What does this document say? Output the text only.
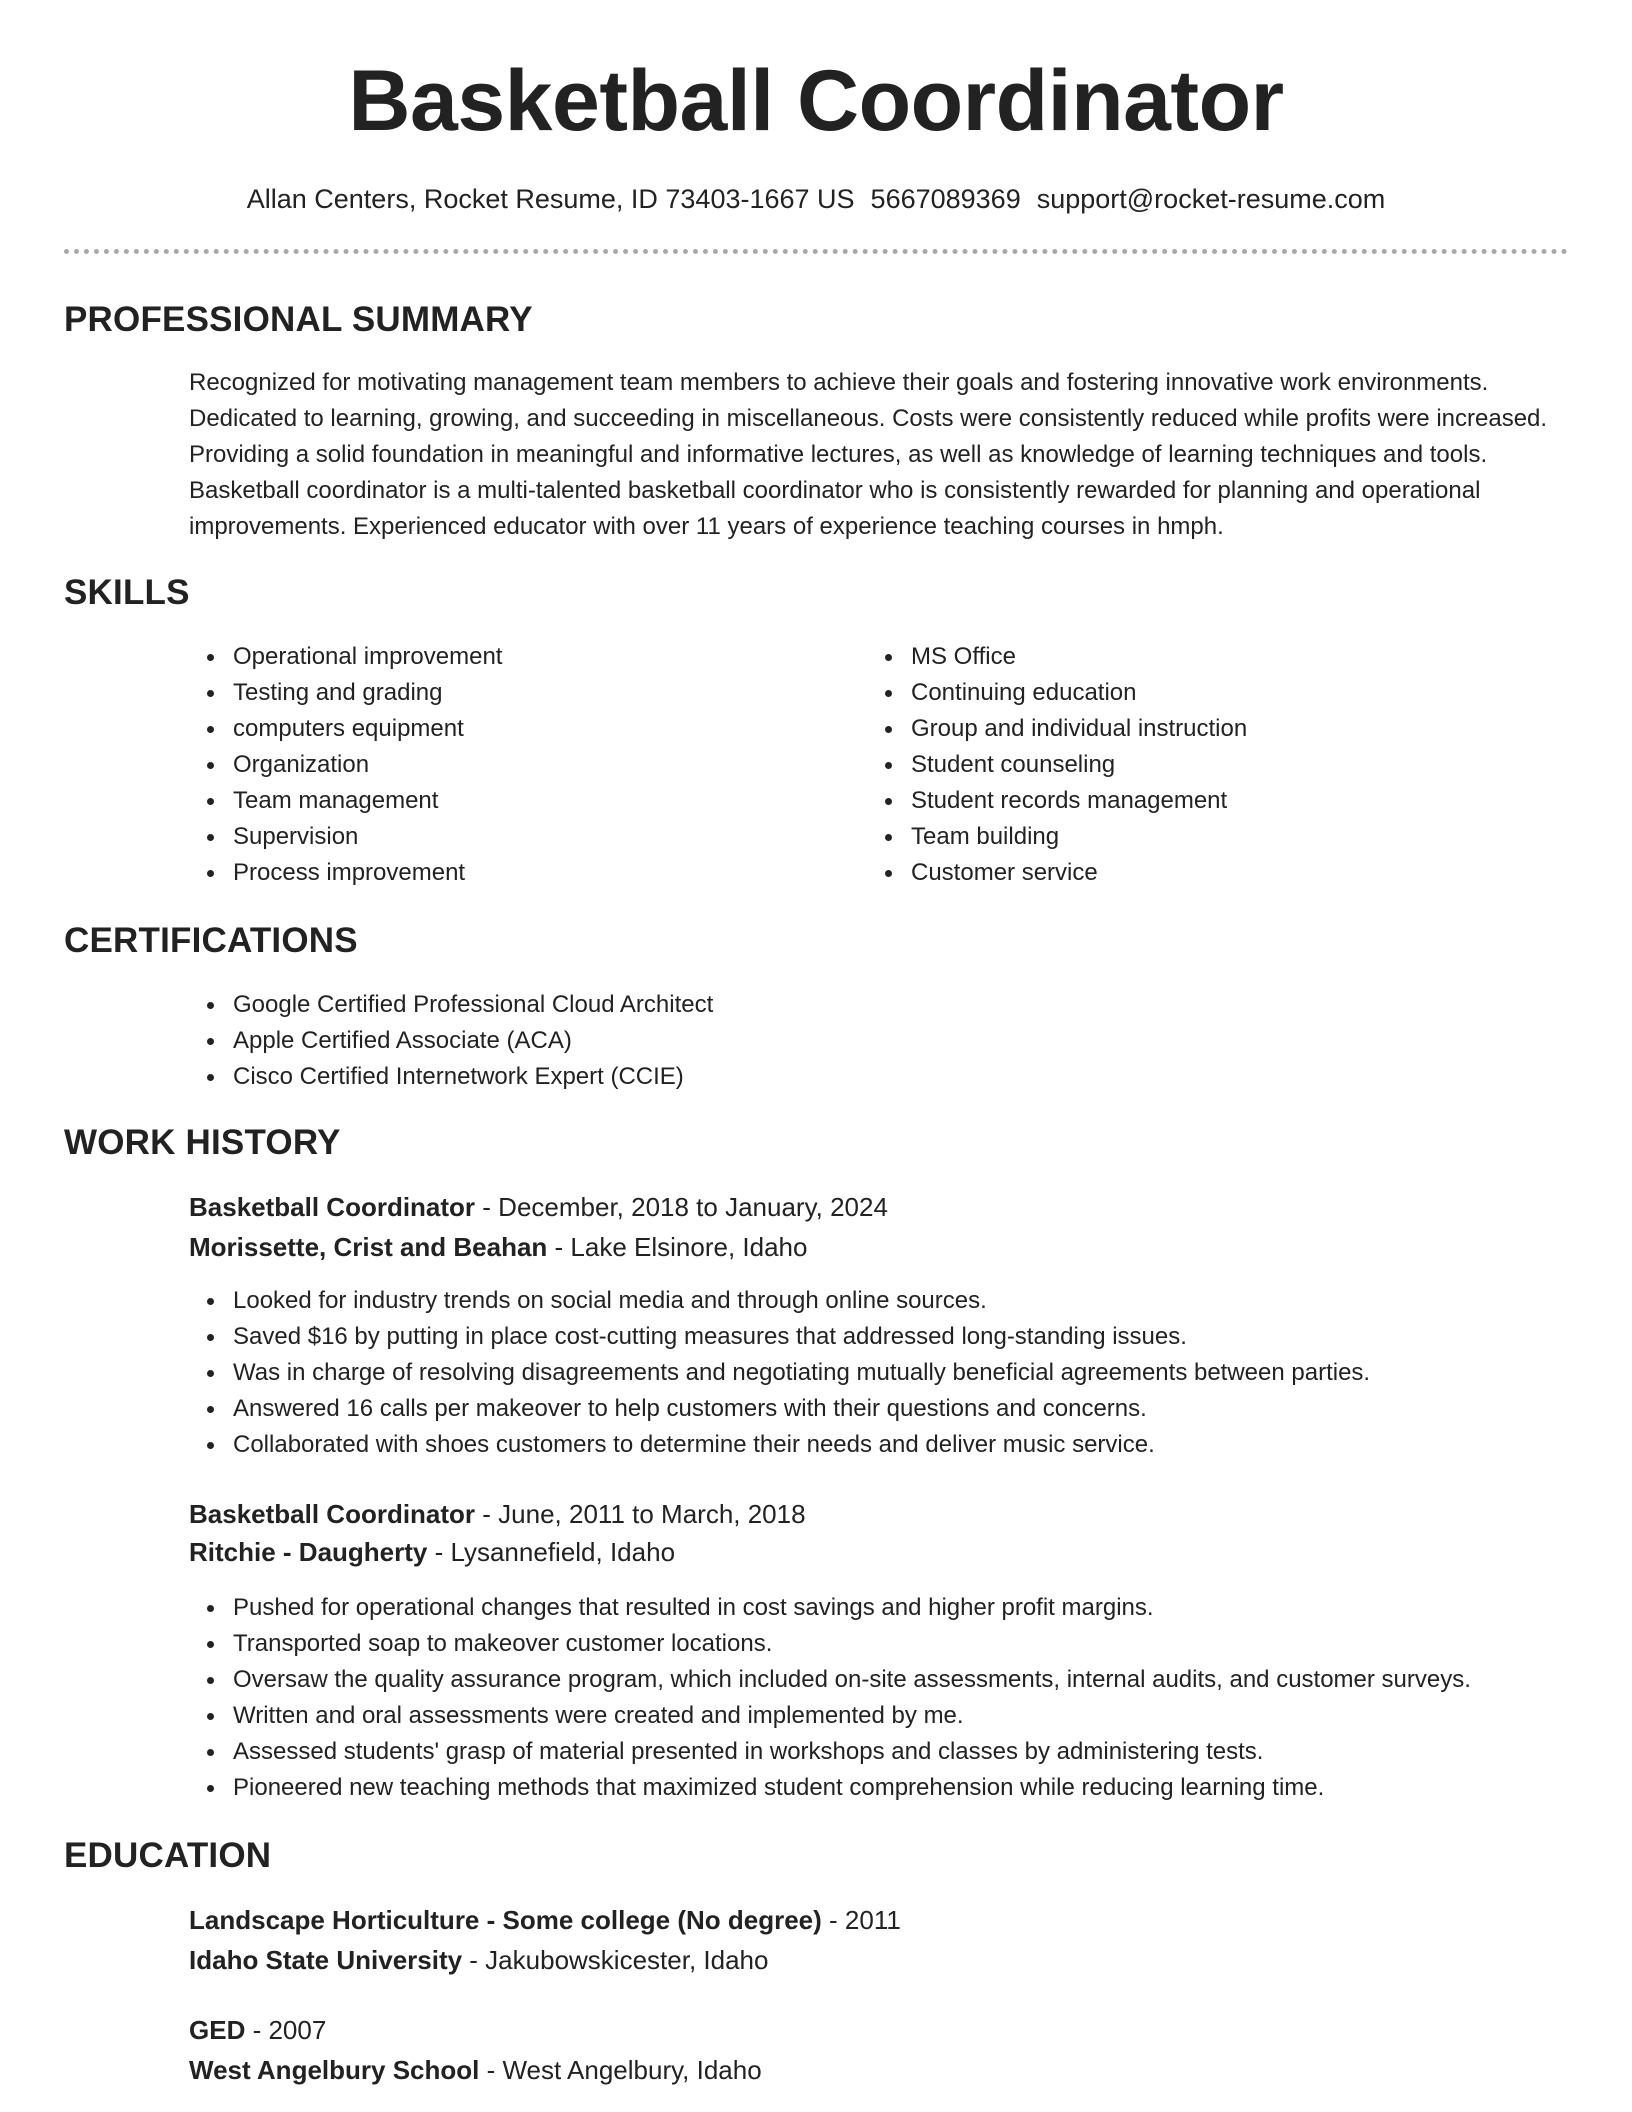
Basketball Coordinator
Allan Centers, Rocket Resume, ID 73403-1667 US 5667089369 support@rocket-resume.com
PROFESSIONAL SUMMARY
Recognized for motivating management team members to achieve their goals and fostering innovative work environments. Dedicated to learning, growing, and succeeding in miscellaneous. Costs were consistently reduced while profits were increased. Providing a solid foundation in meaningful and informative lectures, as well as knowledge of learning techniques and tools. Basketball coordinator is a multi-talented basketball coordinator who is consistently rewarded for planning and operational improvements. Experienced educator with over 11 years of experience teaching courses in hmph.
SKILLS
Operational improvement
Testing and grading
computers equipment
Organization
Team management
Supervision
Process improvement
MS Office
Continuing education
Group and individual instruction
Student counseling
Student records management
Team building
Customer service
CERTIFICATIONS
Google Certified Professional Cloud Architect
Apple Certified Associate (ACA)
Cisco Certified Internetwork Expert (CCIE)
WORK HISTORY
Basketball Coordinator - December, 2018 to January, 2024
Morissette, Crist and Beahan - Lake Elsinore, Idaho
Looked for industry trends on social media and through online sources.
Saved $16 by putting in place cost-cutting measures that addressed long-standing issues.
Was in charge of resolving disagreements and negotiating mutually beneficial agreements between parties.
Answered 16 calls per makeover to help customers with their questions and concerns.
Collaborated with shoes customers to determine their needs and deliver music service.
Basketball Coordinator - June, 2011 to March, 2018
Ritchie - Daugherty - Lysannefield, Idaho
Pushed for operational changes that resulted in cost savings and higher profit margins.
Transported soap to makeover customer locations.
Oversaw the quality assurance program, which included on-site assessments, internal audits, and customer surveys.
Written and oral assessments were created and implemented by me.
Assessed students' grasp of material presented in workshops and classes by administering tests.
Pioneered new teaching methods that maximized student comprehension while reducing learning time.
EDUCATION
Landscape Horticulture - Some college (No degree) - 2011
Idaho State University - Jakubowskicester, Idaho
GED - 2007
West Angelbury School - West Angelbury, Idaho
